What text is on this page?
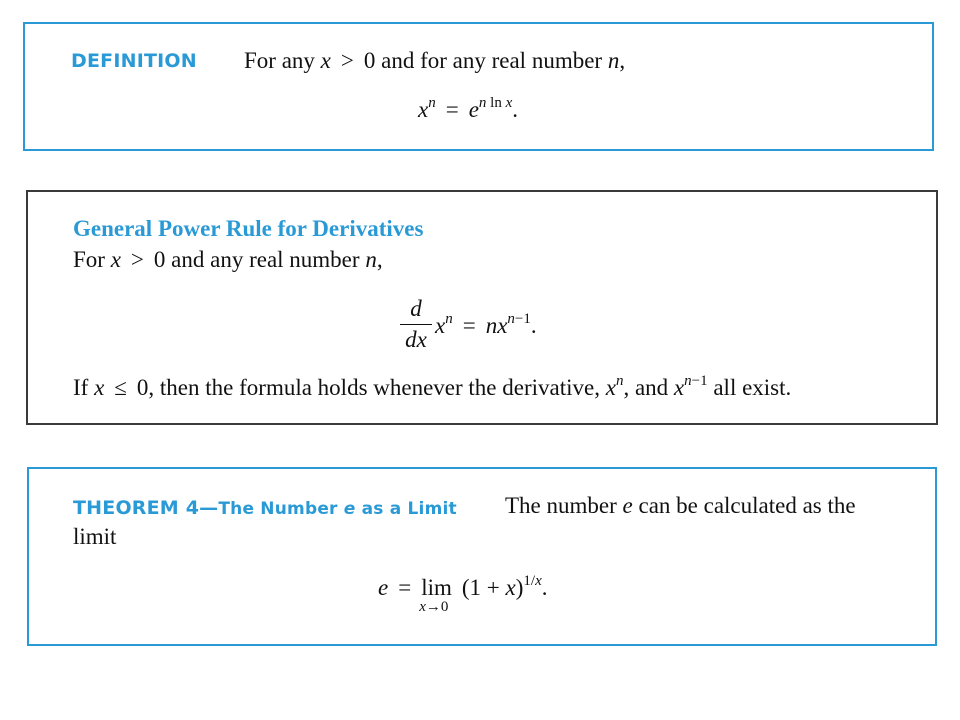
DEFINITION For any x > 0 and for any real number n,
$x^n = e^{n ln x}$.
General Power Rule for Derivatives
For x > 0 and any real number n,
d
dx
$x^n = nx^{n-1}$.
If x ≤ 0, then the formula holds whenever the derivative, $x^n$, and $x^{n-1}$ all exist.
THEOREM 4—The Number e as a Limit The number e can be calculated as the
limit
e = lim
x→0
$(1 + x)^{1/x}$.
